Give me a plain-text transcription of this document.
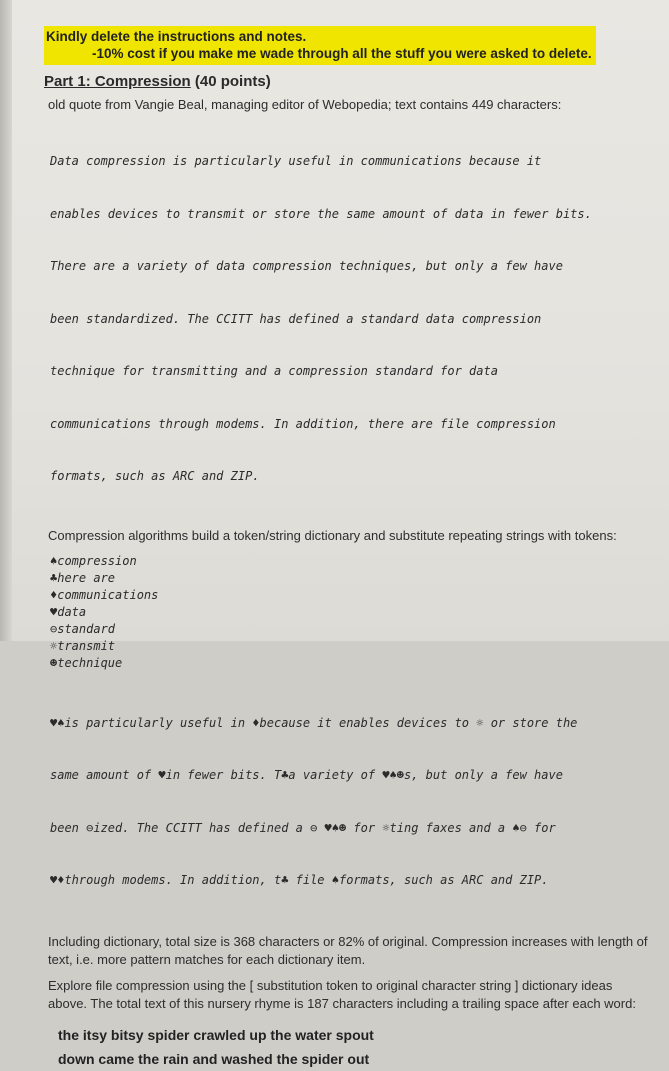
Kindly delete the instructions and notes.
-10% cost if you make me wade through all the stuff you were asked to delete.
Part 1: Compression (40 points)

old quote from Vangie Beal, managing editor of Webopedia; text contains 449 characters:

Data compression is particularly useful in communications because it

enables devices to transmit or store the same amount of data in fewer bits.

There are a variety of data compression techniques, but only a few have

been standardized. The CCITT has defined a standard data compression

technique for transmitting and a compression standard for data

communications through modems. In addition, there are file compression

formats, such as ARC and ZIP.

Compression algorithms build a token/string dictionary and substitute repeating strings with tokens:

♠compression
♣here are
♦communications
♥data
⊖standard
☼transmit
☻technique

♥♠is particularly useful in ♦because it enables devices to ☼ or store the

same amount of ♥in fewer bits. T♣a variety of ♥♠☻s, but only a few have

been ⊖ized. The CCITT has defined a ⊖ ♥♠☻ for ☼ting faxes and a ♠⊖ for

♥♦through modems. In addition, t♣ file ♠formats, such as ARC and ZIP.

Including dictionary, total size is 368 characters or 82% of original. Compression increases with length of text, i.e. more pattern matches for each dictionary item.

Explore file compression using the [ substitution token to original character string ] dictionary ideas above. The total text of this nursery rhyme is 187 characters including a trailing space after each word:

the itsy bitsy spider crawled up the water spout
down came the rain and washed the spider out
